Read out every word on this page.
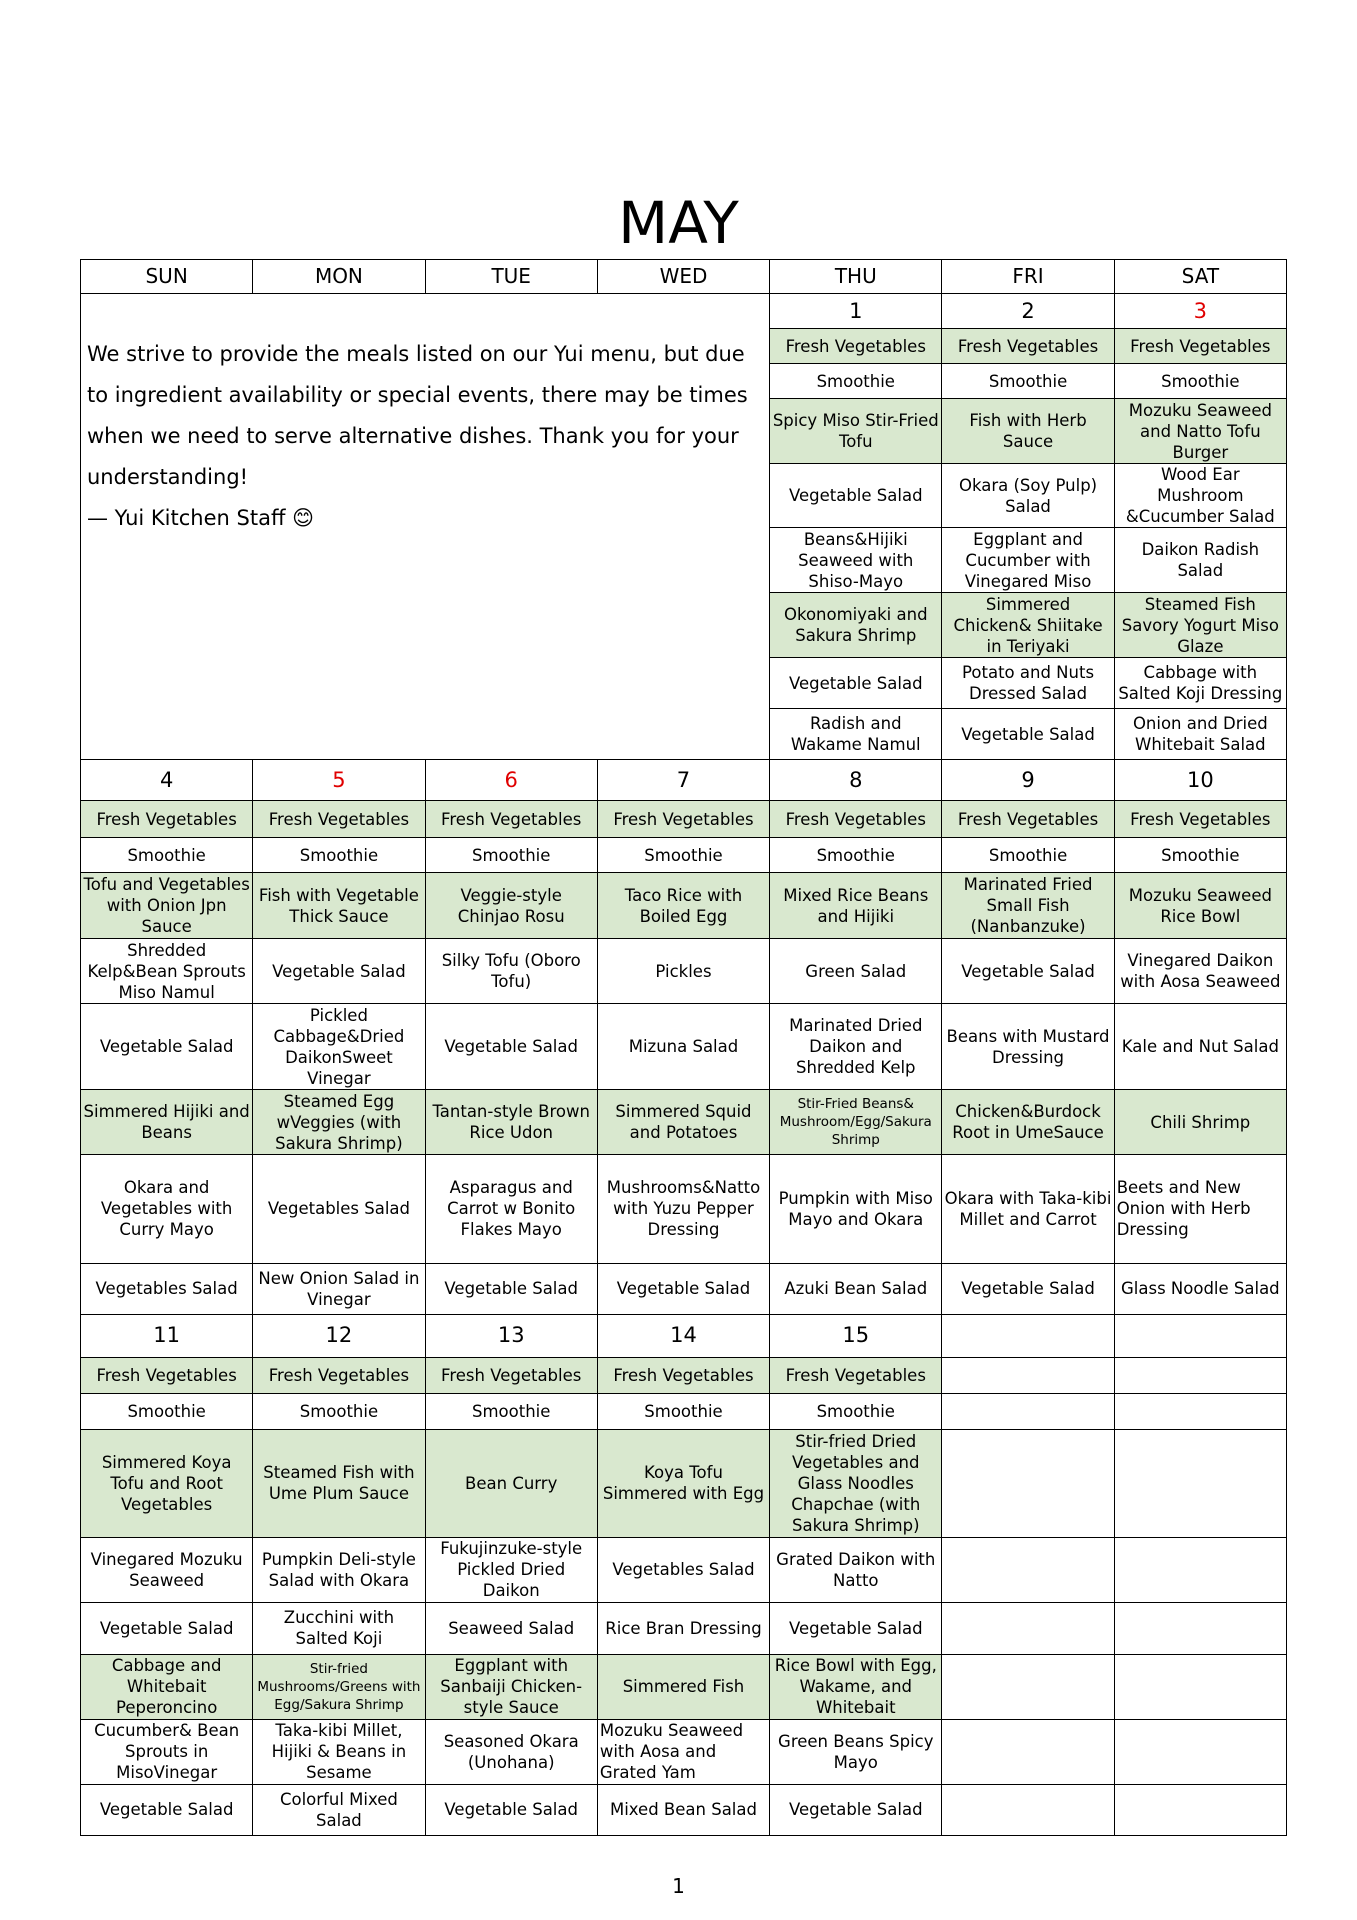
MAY
SUN	MON	TUE	WED	THU	FRI	SAT
We strive to provide the meals listed on our Yui menu, but due to ingredient availability or special events, there may be times when we need to serve alternative dishes. Thank you for your understanding!
— Yui Kitchen Staff 😊				1	2	3
				Fresh Vegetables	Fresh Vegetables	Fresh Vegetables
				Smoothie	Smoothie	Smoothie
				Spicy Miso Stir-Fried Tofu	Fish with Herb Sauce	Mozuku Seaweed and Natto Tofu Burger
				Vegetable Salad	Okara (Soy Pulp) Salad	Wood Ear Mushroom &Cucumber Salad
				Beans&Hijiki Seaweed with Shiso-Mayo	Eggplant and Cucumber with Vinegared Miso	Daikon Radish Salad
				Okonomiyaki and Sakura Shrimp	Simmered Chicken& Shiitake in Teriyaki	Steamed Fish Savory Yogurt Miso Glaze
				Vegetable Salad	Potato and Nuts Dressed Salad	Cabbage with Salted Koji Dressing
				Radish and Wakame Namul	Vegetable Salad	Onion and Dried Whitebait Salad
4	5	6	7	8	9	10
Fresh Vegetables	Fresh Vegetables	Fresh Vegetables	Fresh Vegetables	Fresh Vegetables	Fresh Vegetables	Fresh Vegetables
Smoothie	Smoothie	Smoothie	Smoothie	Smoothie	Smoothie	Smoothie
Tofu and Vegetables with Onion Jpn Sauce	Fish with Vegetable Thick Sauce	Veggie-style Chinjao Rosu	Taco Rice with Boiled Egg	Mixed Rice Beans and Hijiki	Marinated Fried Small Fish (Nanbanzuke)	Mozuku Seaweed Rice Bowl
Shredded Kelp&Bean Sprouts Miso Namul	Vegetable Salad	Silky Tofu (Oboro Tofu)	Pickles	Green Salad	Vegetable Salad	Vinegared Daikon with Aosa Seaweed
Vegetable Salad	Pickled Cabbage&Dried DaikonSweet Vinegar	Vegetable Salad	Mizuna Salad	Marinated Dried Daikon and Shredded Kelp	Beans with Mustard Dressing	Kale and Nut Salad
Simmered Hijiki and Beans	Steamed Egg wVeggies (with Sakura Shrimp)	Tantan-style Brown Rice Udon	Simmered Squid and Potatoes	Stir-Fried Beans& Mushroom/Egg/Sakura Shrimp	Chicken&Burdock Root in UmeSauce	Chili Shrimp
Okara and Vegetables with Curry Mayo	Vegetables Salad	Asparagus and Carrot w Bonito Flakes Mayo	Mushrooms&Natto with Yuzu Pepper Dressing	Pumpkin with Miso Mayo and Okara	Okara with Taka-kibi Millet and Carrot	Beets and New Onion with Herb Dressing
Vegetables Salad	New Onion Salad in Vinegar	Vegetable Salad	Vegetable Salad	Azuki Bean Salad	Vegetable Salad	Glass Noodle Salad
11	12	13	14	15		
Fresh Vegetables	Fresh Vegetables	Fresh Vegetables	Fresh Vegetables	Fresh Vegetables		
Smoothie	Smoothie	Smoothie	Smoothie	Smoothie		
Simmered Koya Tofu and Root Vegetables	Steamed Fish with Ume Plum Sauce	Bean Curry	Koya Tofu Simmered with Egg	Stir-fried Dried Vegetables and Glass Noodles Chapchae (with Sakura Shrimp)		
Vinegared Mozuku Seaweed	Pumpkin Deli-style Salad with Okara	Fukujinzuke-style Pickled Dried Daikon	Vegetables Salad	Grated Daikon with Natto		
Vegetable Salad	Zucchini with Salted Koji	Seaweed Salad	Rice Bran Dressing	Vegetable Salad		
Cabbage and Whitebait Peperoncino	Stir-fried Mushrooms/Greens with Egg/Sakura Shrimp	Eggplant with Sanbaiji Chicken-style Sauce	Simmered Fish	Rice Bowl with Egg, Wakame, and Whitebait		
Cucumber& Bean Sprouts in MisoVinegar	Taka-kibi Millet, Hijiki & Beans in Sesame	Seasoned Okara (Unohana)	Mozuku Seaweed with Aosa and Grated Yam	Green Beans Spicy Mayo		
Vegetable Salad	Colorful Mixed Salad	Vegetable Salad	Mixed Bean Salad	Vegetable Salad		
1
